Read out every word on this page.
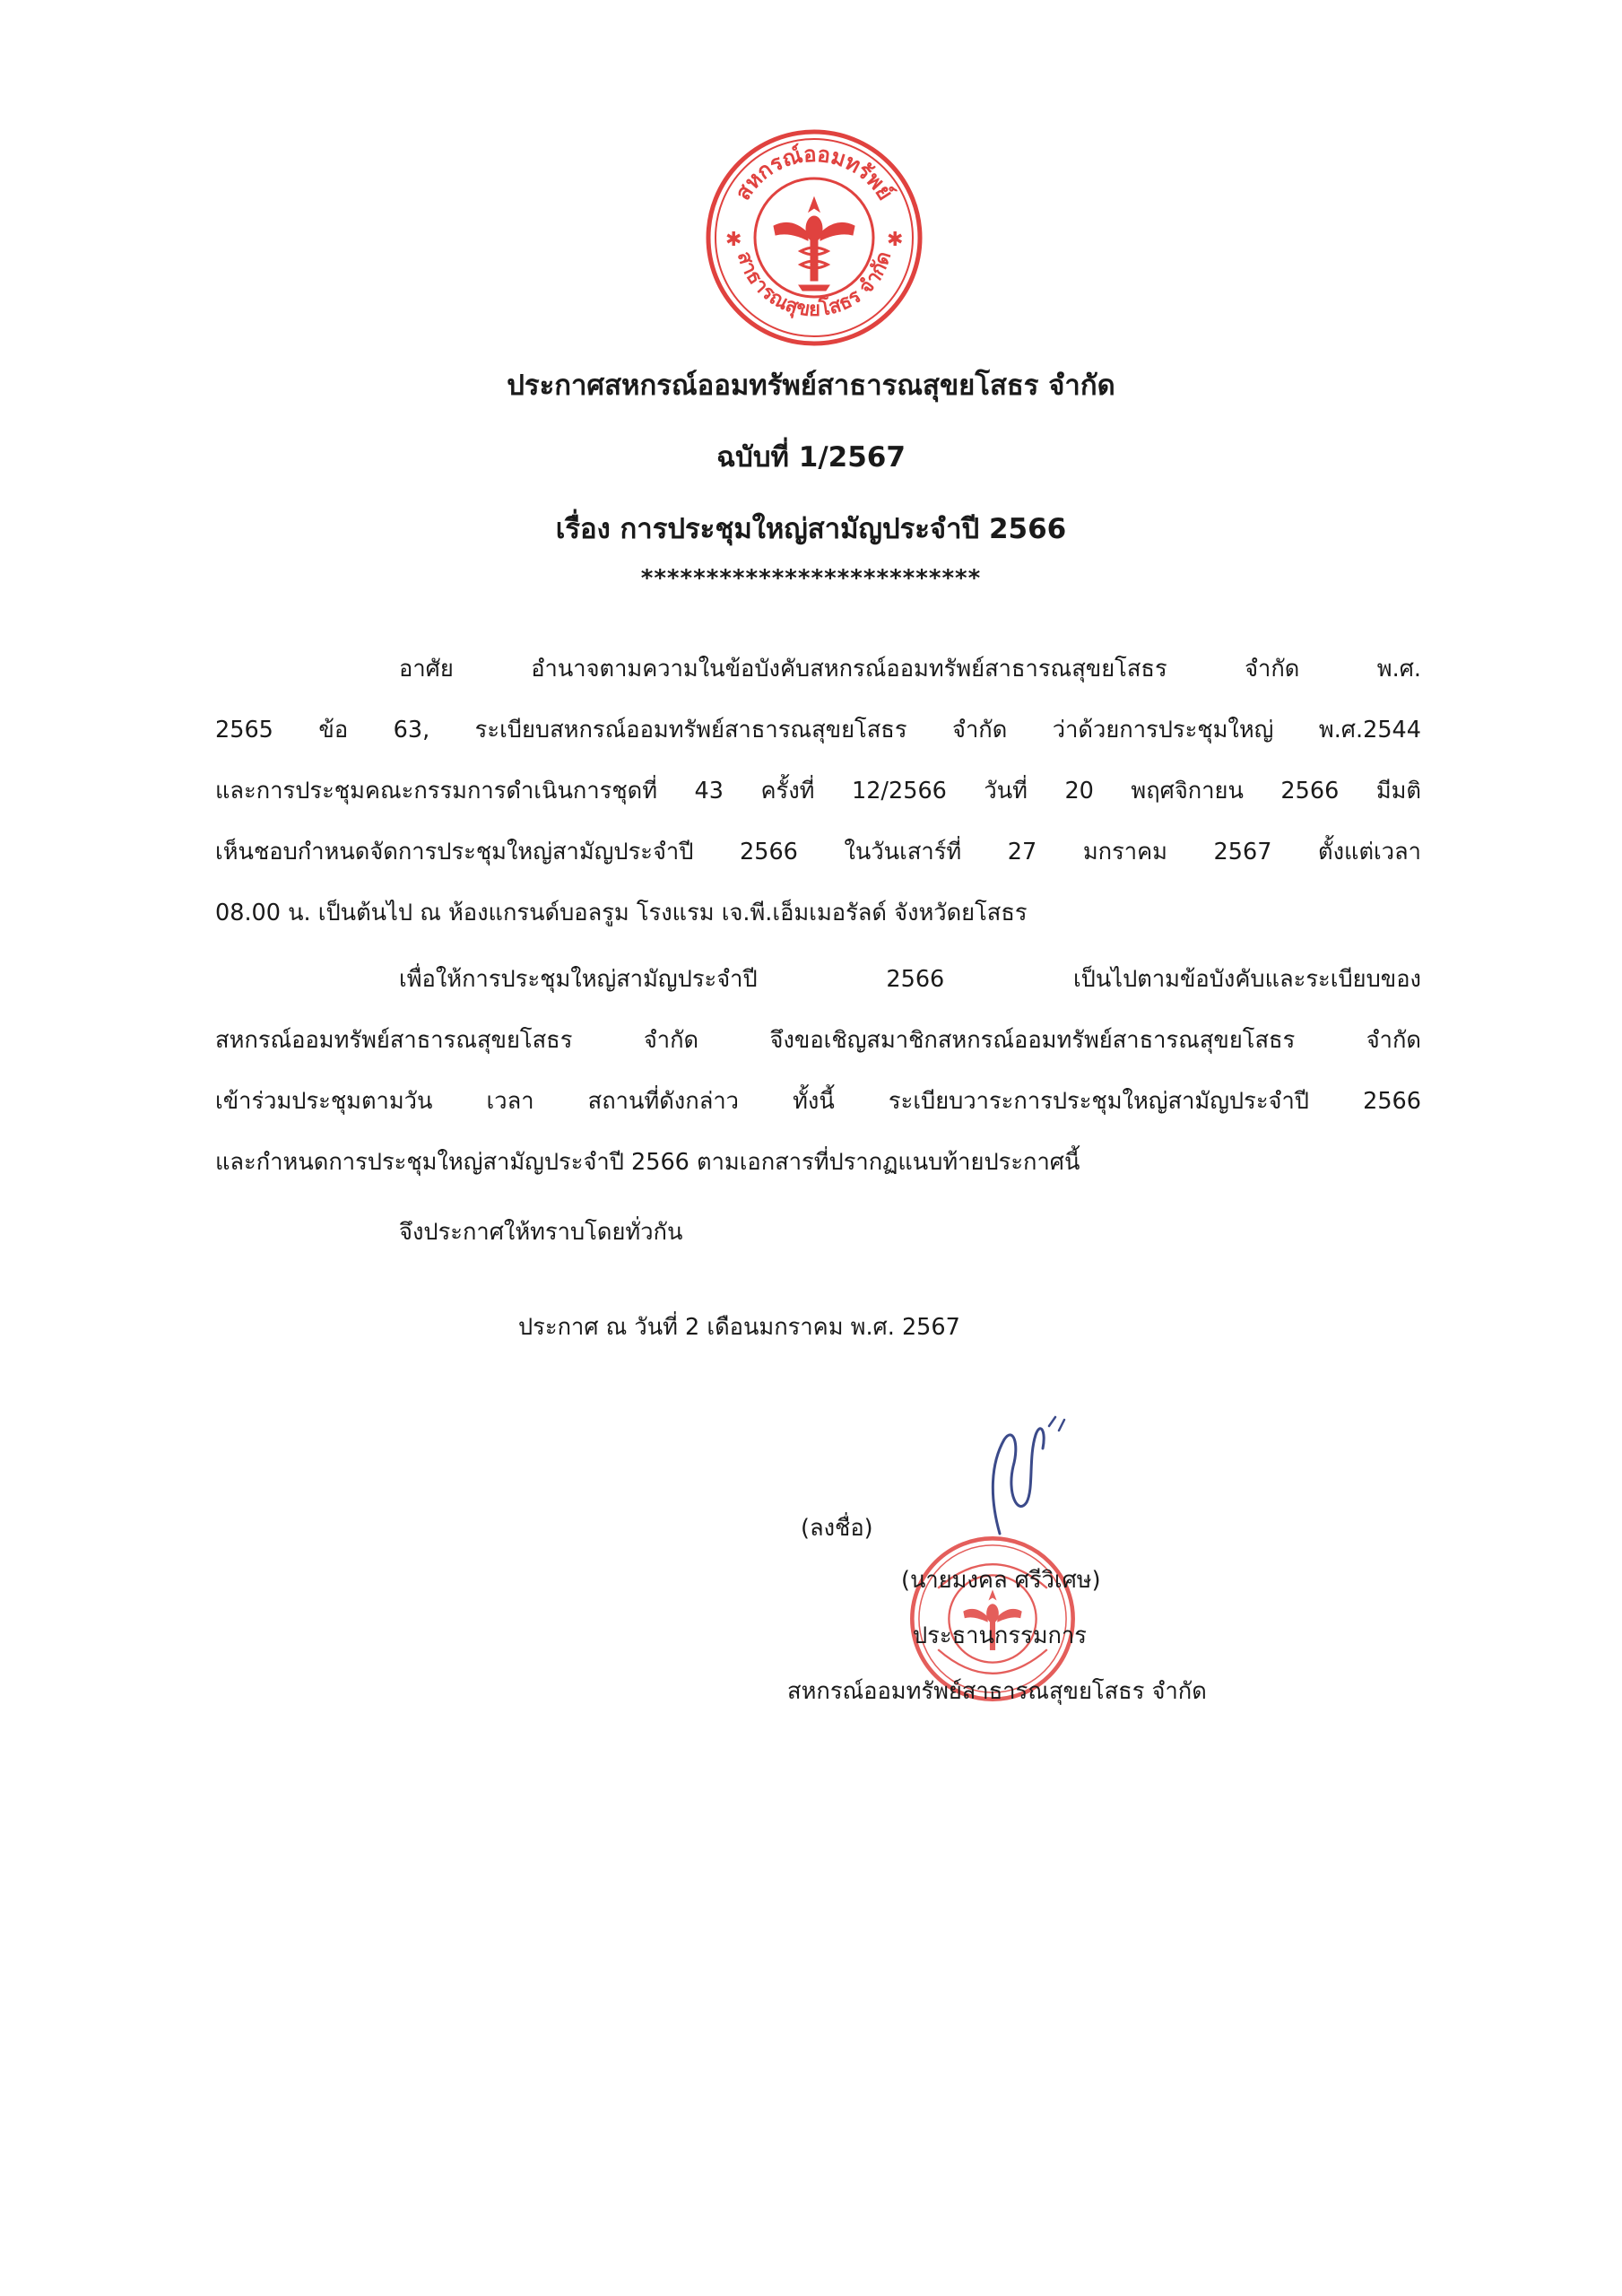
สหกรณ์ออมทรัพย์
สาธารณสุขยโสธร จำกัด
✱	✱
ประกาศสหกรณ์ออมทรัพย์สาธารณสุขยโสธร จำกัด
ฉบับที่ 1/2567
เรื่อง การประชุมใหญ่สามัญประจำปี 2566
**************************
อาศัย อำนาจตามความในข้อบังคับสหกรณ์ออมทรัพย์สาธารณสุขยโสธร จำกัด พ.ศ.
2565 ข้อ 63, ระเบียบสหกรณ์ออมทรัพย์สาธารณสุขยโสธร จำกัด ว่าด้วยการประชุมใหญ่ พ.ศ.2544
และการประชุมคณะกรรมการดำเนินการชุดที่ 43 ครั้งที่ 12/2566 วันที่ 20 พฤศจิกายน 2566 มีมติ
เห็นชอบกำหนดจัดการประชุมใหญ่สามัญประจำปี 2566 ในวันเสาร์ที่ 27 มกราคม 2567 ตั้งแต่เวลา
08.00 น. เป็นต้นไป ณ ห้องแกรนด์บอลรูม โรงแรม เจ.พี.เอ็มเมอรัลด์ จังหวัดยโสธร
เพื่อให้การประชุมใหญ่สามัญประจำปี 2566 เป็นไปตามข้อบังคับและระเบียบของ
สหกรณ์ออมทรัพย์สาธารณสุขยโสธร จำกัด จึงขอเชิญสมาชิกสหกรณ์ออมทรัพย์สาธารณสุขยโสธร จำกัด
เข้าร่วมประชุมตามวัน เวลา สถานที่ดังกล่าว ทั้งนี้ ระเบียบวาระการประชุมใหญ่สามัญประจำปี 2566
และกำหนดการประชุมใหญ่สามัญประจำปี 2566 ตามเอกสารที่ปรากฏแนบท้ายประกาศนี้
จึงประกาศให้ทราบโดยทั่วกัน
ประกาศ ณ วันที่ 2 เดือนมกราคม พ.ศ. 2567
(ลงชื่อ)
(นายมงคล ศรีวิเศษ)
ประธานกรรมการ
สหกรณ์ออมทรัพย์สาธารณสุขยโสธร จำกัด
